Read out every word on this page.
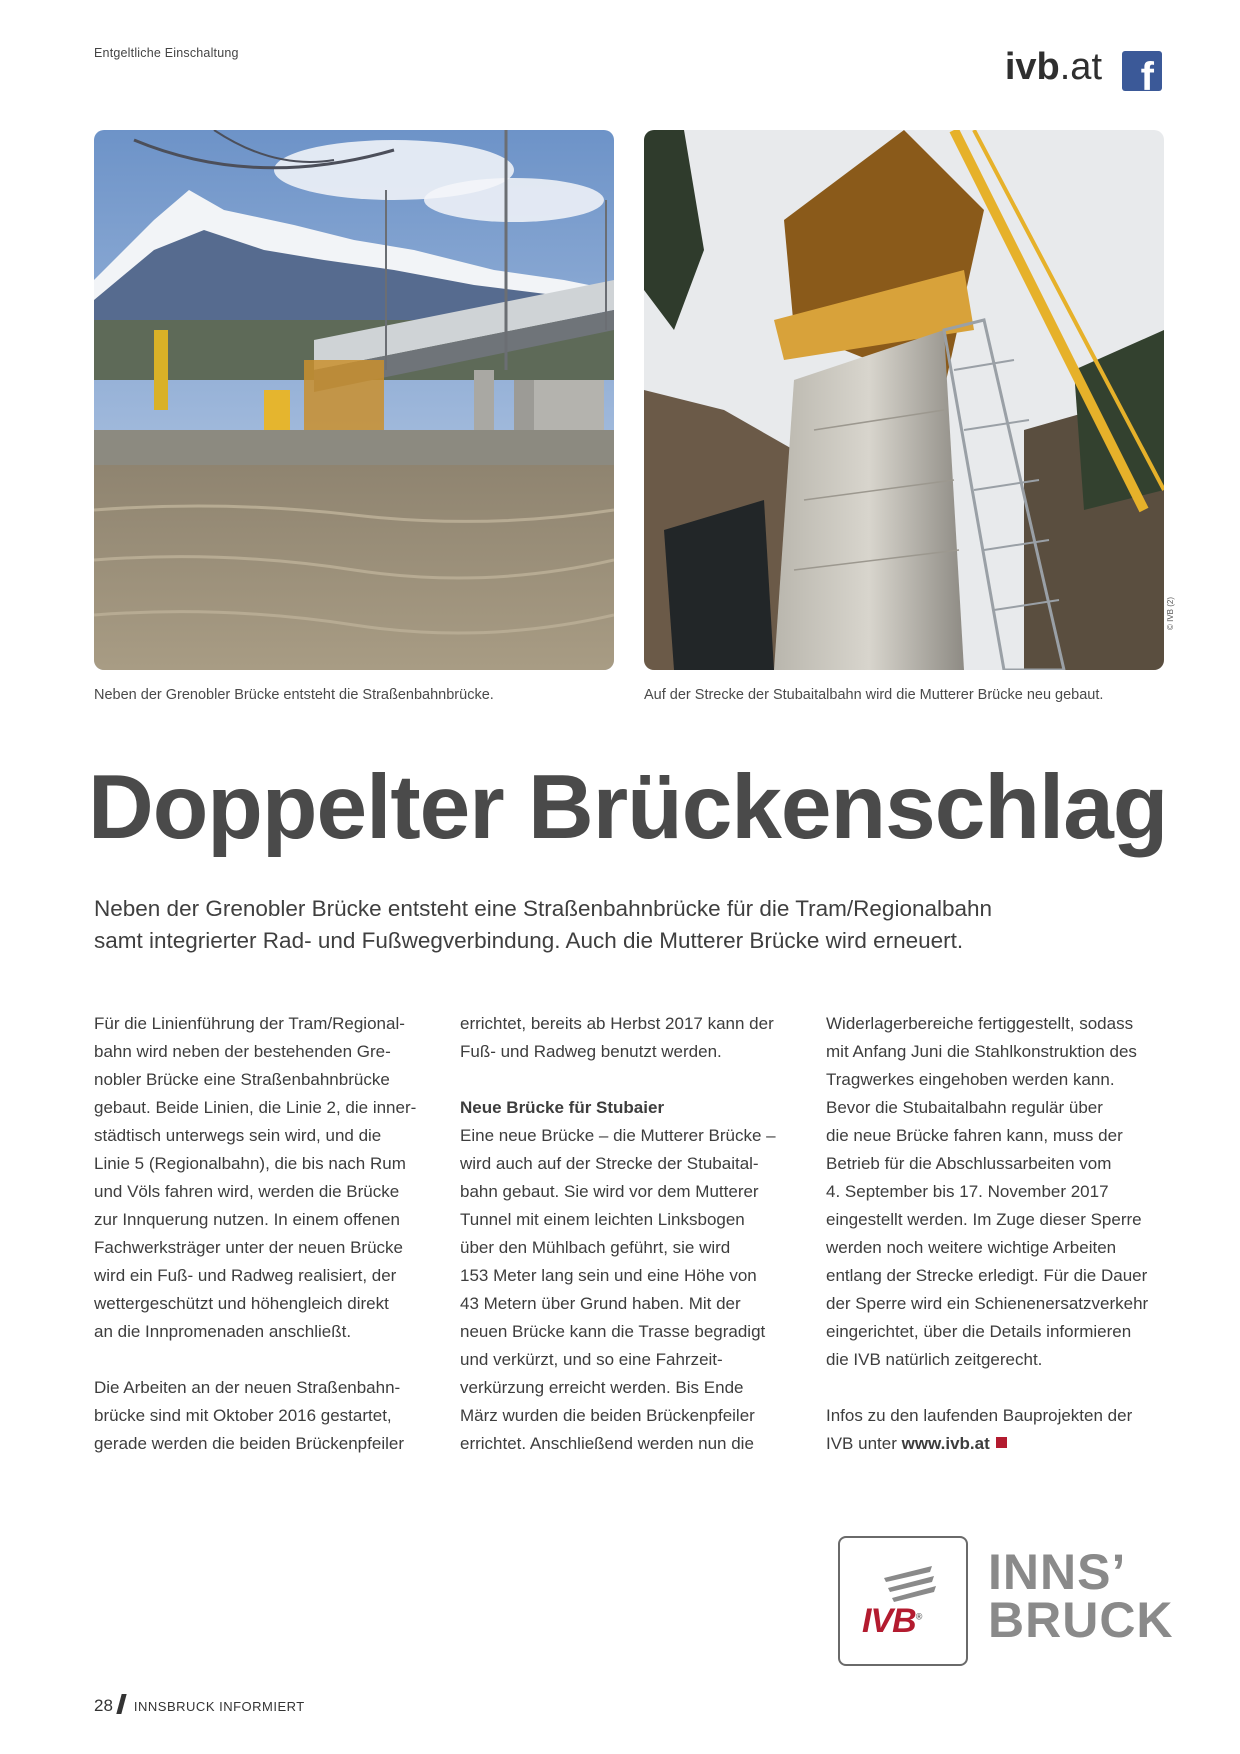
Entgeltliche Einschaltung	ivb.at f
© IVB (2)
Neben der Grenobler Brücke entsteht die Straßenbahnbrücke.	Auf der Strecke der Stubaitalbahn wird die Mutterer Brücke neu gebaut.
Doppelter Brückenschlag
Neben der Grenobler Brücke entsteht eine Straßenbahnbrücke für die Tram/Regionalbahn
samt integrierter Rad- und Fußwegverbindung. Auch die Mutterer Brücke wird erneuert.

Für die Linienführung der Tram/Regional-
bahn wird neben der bestehenden Gre-
nobler Brücke eine Straßenbahnbrücke
gebaut. Beide Linien, die Linie 2, die inner-
städtisch unterwegs sein wird, und die
Linie 5 (Regionalbahn), die bis nach Rum
und Völs fahren wird, werden die Brücke
zur Innquerung nutzen. In einem offenen
Fachwerksträger unter der neuen Brücke
wird ein Fuß- und Radweg realisiert, der
wettergeschützt und höhengleich direkt
an die Innpromenaden anschließt.

Die Arbeiten an der neuen Straßenbahn-
brücke sind mit Oktober 2016 gestartet,
gerade werden die beiden Brückenpfeiler

errichtet, bereits ab Herbst 2017 kann der
Fuß- und Radweg benutzt werden.

Neue Brücke für Stubaier
Eine neue Brücke – die Mutterer Brücke –
wird auch auf der Strecke der Stubaital-
bahn gebaut. Sie wird vor dem Mutterer
Tunnel mit einem leichten Linksbogen
über den Mühlbach geführt, sie wird
153 Meter lang sein und eine Höhe von
43 Metern über Grund haben. Mit der
neuen Brücke kann die Trasse begradigt
und verkürzt, und so eine Fahrzeit-
verkürzung erreicht werden. Bis Ende
März wurden die beiden Brückenpfeiler
errichtet. Anschließend werden nun die

Widerlagerbereiche fertiggestellt, sodass
mit Anfang Juni die Stahlkonstruktion des
Tragwerkes eingehoben werden kann.
Bevor die Stubaitalbahn regulär über
die neue Brücke fahren kann, muss der
Betrieb für die Abschlussarbeiten vom
4. September bis 17. November 2017
eingestellt werden. Im Zuge dieser Sperre
werden noch weitere wichtige Arbeiten
entlang der Strecke erledigt. Für die Dauer
der Sperre wird ein Schienenersatzverkehr
eingerichtet, über die Details informieren
die IVB natürlich zeitgerecht.

Infos zu den laufenden Bauprojekten der
IVB unter www.ivb.at

IVB®
INNS’
BRUCK
28 INNSBRUCK INFORMIERT
